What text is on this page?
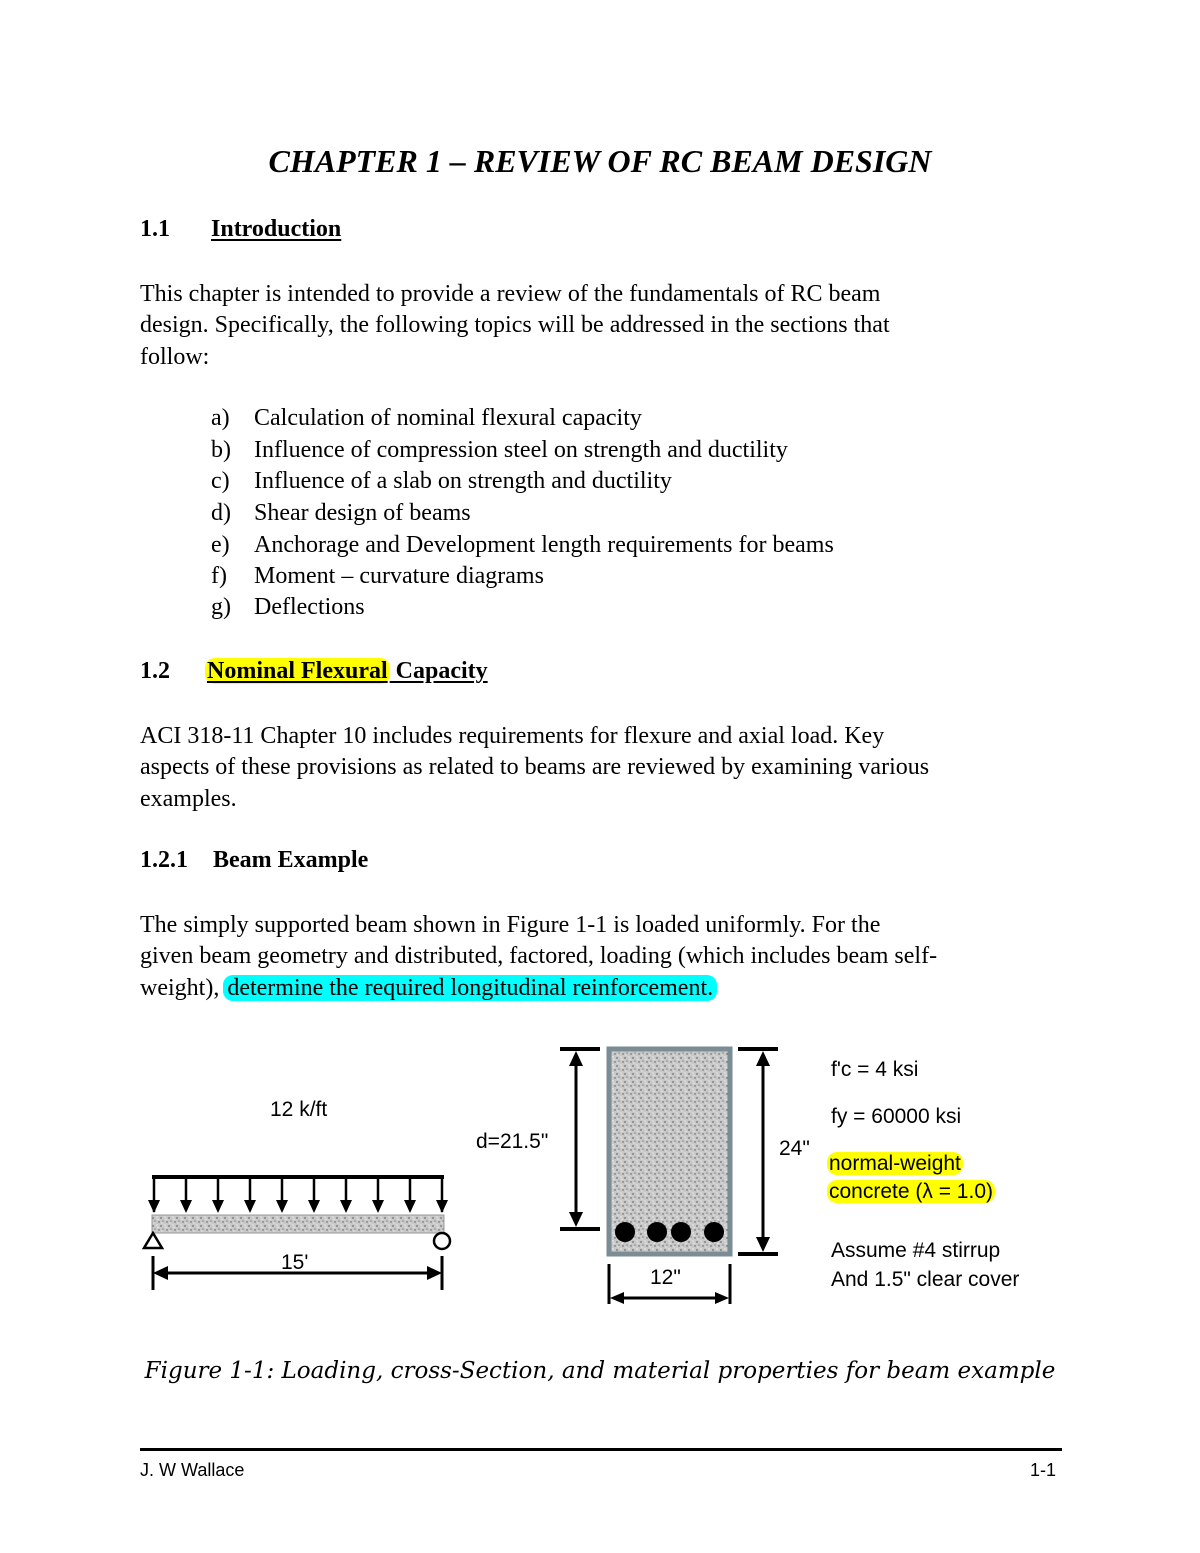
CHAPTER 1 – REVIEW OF RC BEAM DESIGN
1.1 Introduction
This chapter is intended to provide a review of the fundamentals of RC beam
design. Specifically, the following topics will be addressed in the sections that
follow:
a) Calculation of nominal flexural capacity
b) Influence of compression steel on strength and ductility
c) Influence of a slab on strength and ductility
d) Shear design of beams
e) Anchorage and Development length requirements for beams
f) Moment – curvature diagrams
g) Deflections
1.2 Nominal Flexural Capacity
ACI 318-11 Chapter 10 includes requirements for flexure and axial load. Key
aspects of these provisions as related to beams are reviewed by examining various
examples.
1.2.1 Beam Example
The simply supported beam shown in Figure 1-1 is loaded uniformly. For the
given beam geometry and distributed, factored, loading (which includes beam self-
weight), determine the required longitudinal reinforcement.
12 k/ft
15'
d=21.5"	24"
12"
f'c = 4 ksi
fy = 60000 ksi
normal-weight
concrete (λ = 1.0)
Assume #4 stirrup
And 1.5" clear cover
Figure 1-1: Loading, cross-Section, and material properties for beam example
J. W Wallace	1-1
